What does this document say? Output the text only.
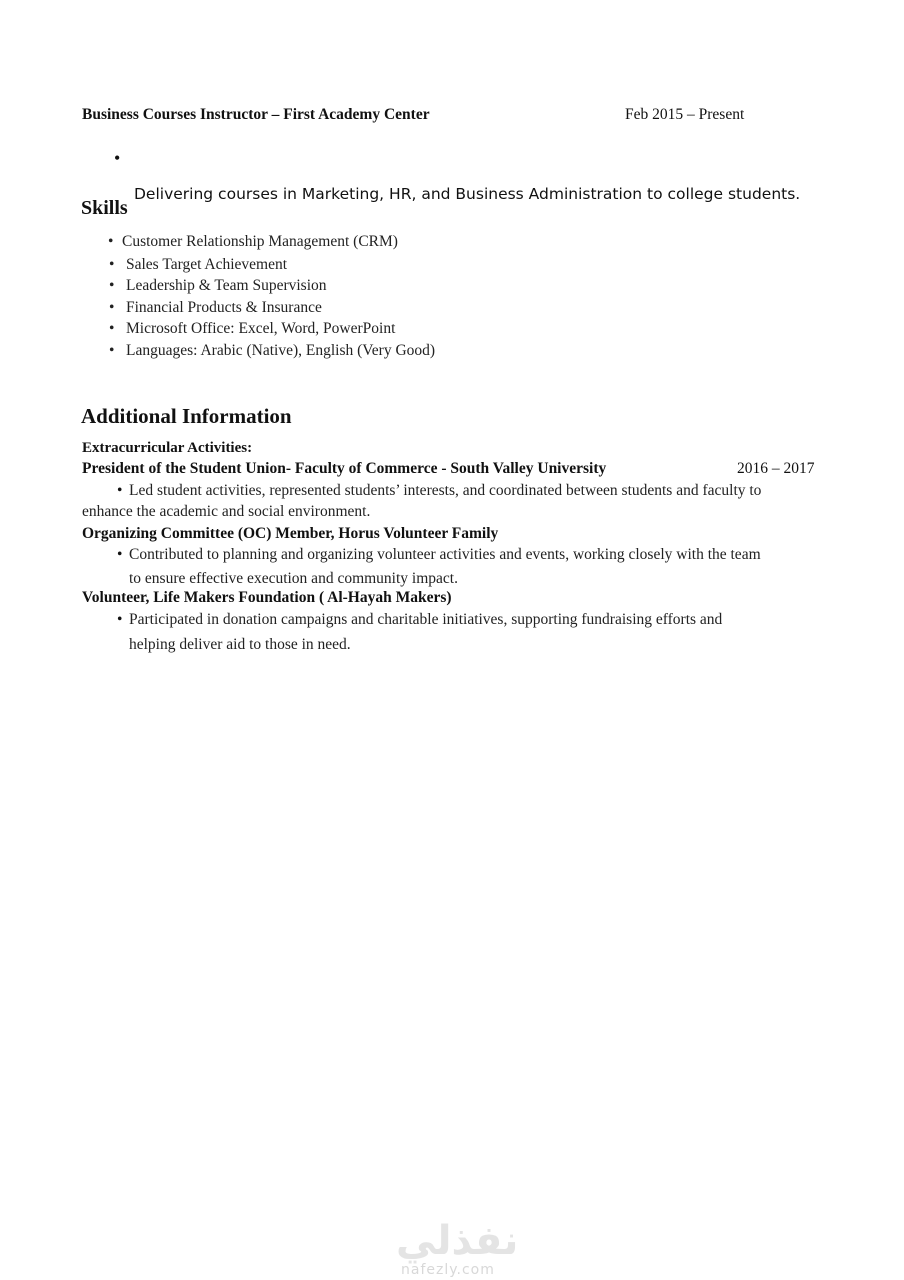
Business Courses Instructor – First Academy Center	Feb 2015 – Present
•
Delivering courses in Marketing, HR, and Business Administration to college students.
Skills
• Customer Relationship Management (CRM)
• Sales Target Achievement
• Leadership & Team Supervision
• Financial Products & Insurance
• Microsoft Office: Excel, Word, PowerPoint
• Languages: Arabic (Native), English (Very Good)
Additional Information
Extracurricular Activities:
President of the Student Union- Faculty of Commerce - South Valley University	2016 – 2017
• Led student activities, represented students’ interests, and coordinated between students and faculty to
enhance the academic and social environment.
Organizing Committee (OC) Member, Horus Volunteer Family
• Contributed to planning and organizing volunteer activities and events, working closely with the team
to ensure effective execution and community impact.
Volunteer, Life Makers Foundation ( Al-Hayah Makers)
• Participated in donation campaigns and charitable initiatives, supporting fundraising efforts and
helping deliver aid to those in need.
نفذلي
nafezly.com
